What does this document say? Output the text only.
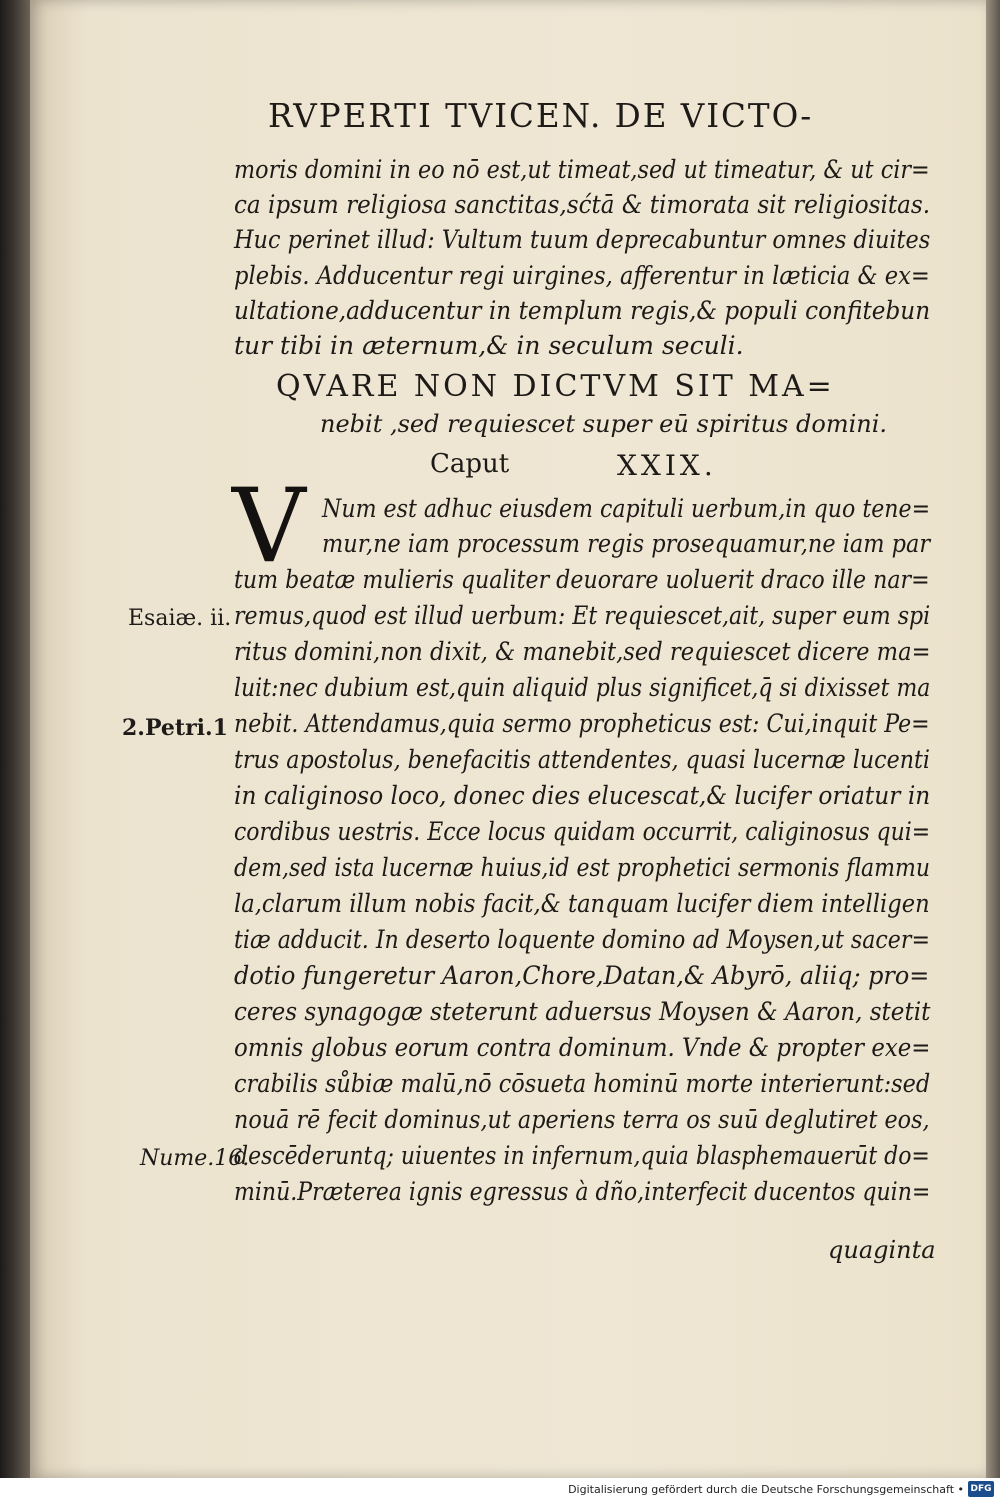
RVPERTI TVICEN. DE VICTO‐
moris domini in eo nō est,ut timeat,sed ut timeatur, & ut cir=
ca ipsum religiosa sanctitas,sćtā & timorata sit religiositas.
Huc perinet illud: Vultum tuum deprecabuntur omnes diuites
plebis. Adducentur regi uirgines, afferentur in læticia & ex=
ultatione,adducentur in templum regis,& populi confitebun
tur tibi in æternum,& in seculum seculi.
QVARE NON DICTVM SIT MA=
nebit ,sed requiescet super eū spiritus domini.
Caput	XXIX.
V Num est adhuc eiusdem capituli uerbum,in quo tene=
mur,ne iam processum regis prosequamur,ne iam par
tum beatæ mulieris qualiter deuorare uoluerit draco ille nar=
remus,quod est illud uerbum: Et requiescet,ait, super eum spi
ritus domini,non dixit, & manebit,sed requiescet dicere ma=
luit:nec dubium est,quin aliquid plus significet,q̄ si dixisset ma
nebit. Attendamus,quia sermo propheticus est: Cui,inquit Pe=
trus apostolus, benefacitis attendentes, quasi lucernæ lucenti
in caliginoso loco, donec dies elucescat,& lucifer oriatur in
cordibus uestris. Ecce locus quidam occurrit, caliginosus qui=
dem,sed ista lucernæ huius,id est prophetici sermonis flammu
la,clarum illum nobis facit,& tanquam lucifer diem intelligen
tiæ adducit. In deserto loquente domino ad Moysen,ut sacer=
dotio fungeretur Aaron,Chore,Datan,& Abyrō, aliiq; pro=
ceres synagogæ steterunt aduersus Moysen & Aaron, stetit
omnis globus eorum contra dominum. Vnde & propter exe=
crabilis sůbiæ malū,nō cōsueta hominū morte interierunt:sed
nouā rē fecit dominus,ut aperiens terra os suū deglutiret eos,
descēderuntq; uiuentes in infernum,quia blasphemauerūt do=
minū.Præterea ignis egressus à dño,interfecit ducentos quin=
quaginta
Esaiæ. ii.
2.Petri.1
Nume.16.
Digitalisierung gefördert durch die Deutsche Forschungsgemeinschaft • DFG
